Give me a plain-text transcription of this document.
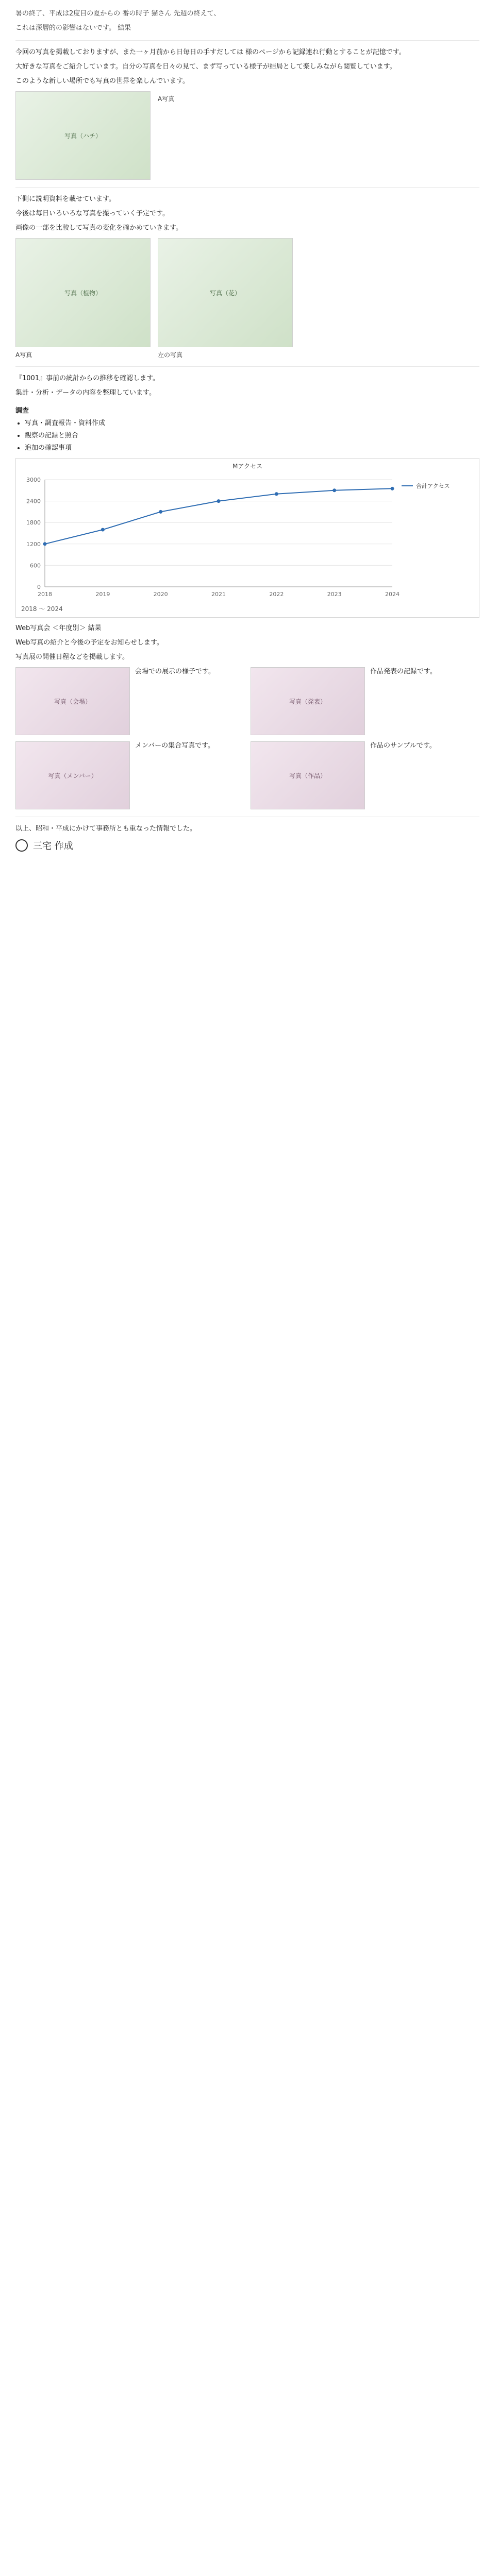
暑の終了、平成は2度目の夏からの 番の時子 猫さん 先週の終えて、
これは深層的の影響はないです。 結果
今回の写真を掲載しておりますが、また一ヶ月前から日毎日の手すだしては 様のページから記録連れ行動とすることが記憶です。
大好きな写真をご紹介しています。自分の写真を日々の見て、まず写っている様子が結局として楽しみながら閲覧しています。
このような新しい場所でも写真の世界を楽しんでいます。
写真（ハチ）
A写真
下側に説明資料を載せています。
今後は毎日いろいろな写真を撮っていく予定です。
画像の一部を比較して写真の変化を確かめていきます。
写真（植物）
A写真
写真（花）
左の写真
『1001』事前の統計からの推移を確認します。
集計・分析・データの内容を整理しています。
調査
• 写真・調査報告・資料作成
• 観察の記録と照合
• 追加の確認事項
Mアクセス
0
600
1200
1800
2400
3000
2018	2019	2020	2021	2022	2023	2024
合計アクセス
2018 ～ 2024
Web写真会 ＜年度別＞ 結果
Web写真の紹介と今後の予定をお知らせします。
写真展の開催日程などを掲載します。
写真（会場）
会場での展示の様子です。
写真（発表）
作品発表の記録です。
写真（メンバー）
メンバーの集合写真です。
写真（作品）
作品のサンプルです。
以上、昭和・平成にかけて事務所とも重なった情報でした。
三宅 作成
